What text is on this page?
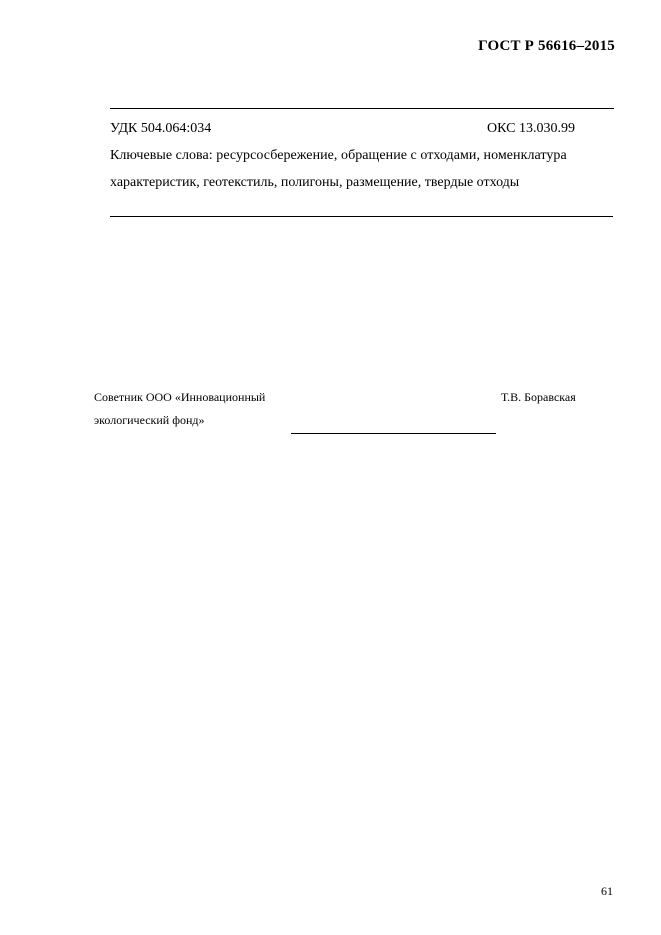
ГОСТ Р 56616–2015
УДК 504.064:034	ОКС 13.030.99
Ключевые слова: ресурсосбережение, обращение с отходами, номенклатура
характеристик, геотекстиль, полигоны, размещение, твердые отходы
Советник ООО «Инновационный
экологический фонд»
Т.В. Боравская
61
